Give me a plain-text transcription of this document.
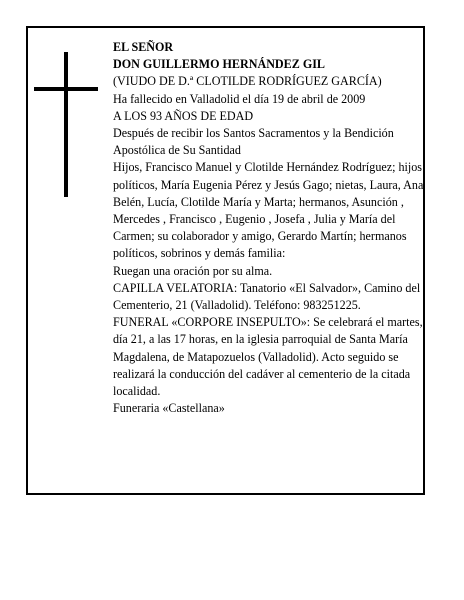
EL SEÑOR
DON GUILLERMO HERNÁNDEZ GIL
(VIUDO DE D.ª CLOTILDE RODRÍGUEZ GARCÍA)
Ha fallecido en Valladolid el día 19 de abril de 2009
A LOS 93 AÑOS DE EDAD
Después de recibir los Santos Sacramentos y la Bendición Apostólica de Su Santidad
Hijos, Francisco Manuel y Clotilde Hernández Rodríguez; hijos políticos, María Eugenia Pérez y Jesús Gago; nietas, Laura, Ana Belén, Lucía, Clotilde María y Marta; hermanos, Asunción , Mercedes , Francisco , Eugenio , Josefa , Julia y María del Carmen; su colaborador y amigo, Gerardo Martín; hermanos políticos, sobrinos y demás familia:
Ruegan una oración por su alma.
CAPILLA VELATORIA: Tanatorio «El Salvador», Camino del Cementerio, 21 (Valladolid). Teléfono: 983251225.
FUNERAL «CORPORE INSEPULTO»: Se celebrará el martes, día 21, a las 17 horas, en la iglesia parroquial de Santa María Magdalena, de Matapozuelos (Valladolid). Acto seguido se realizará la conducción del cadáver al cementerio de la citada localidad.
Funeraria «Castellana»
